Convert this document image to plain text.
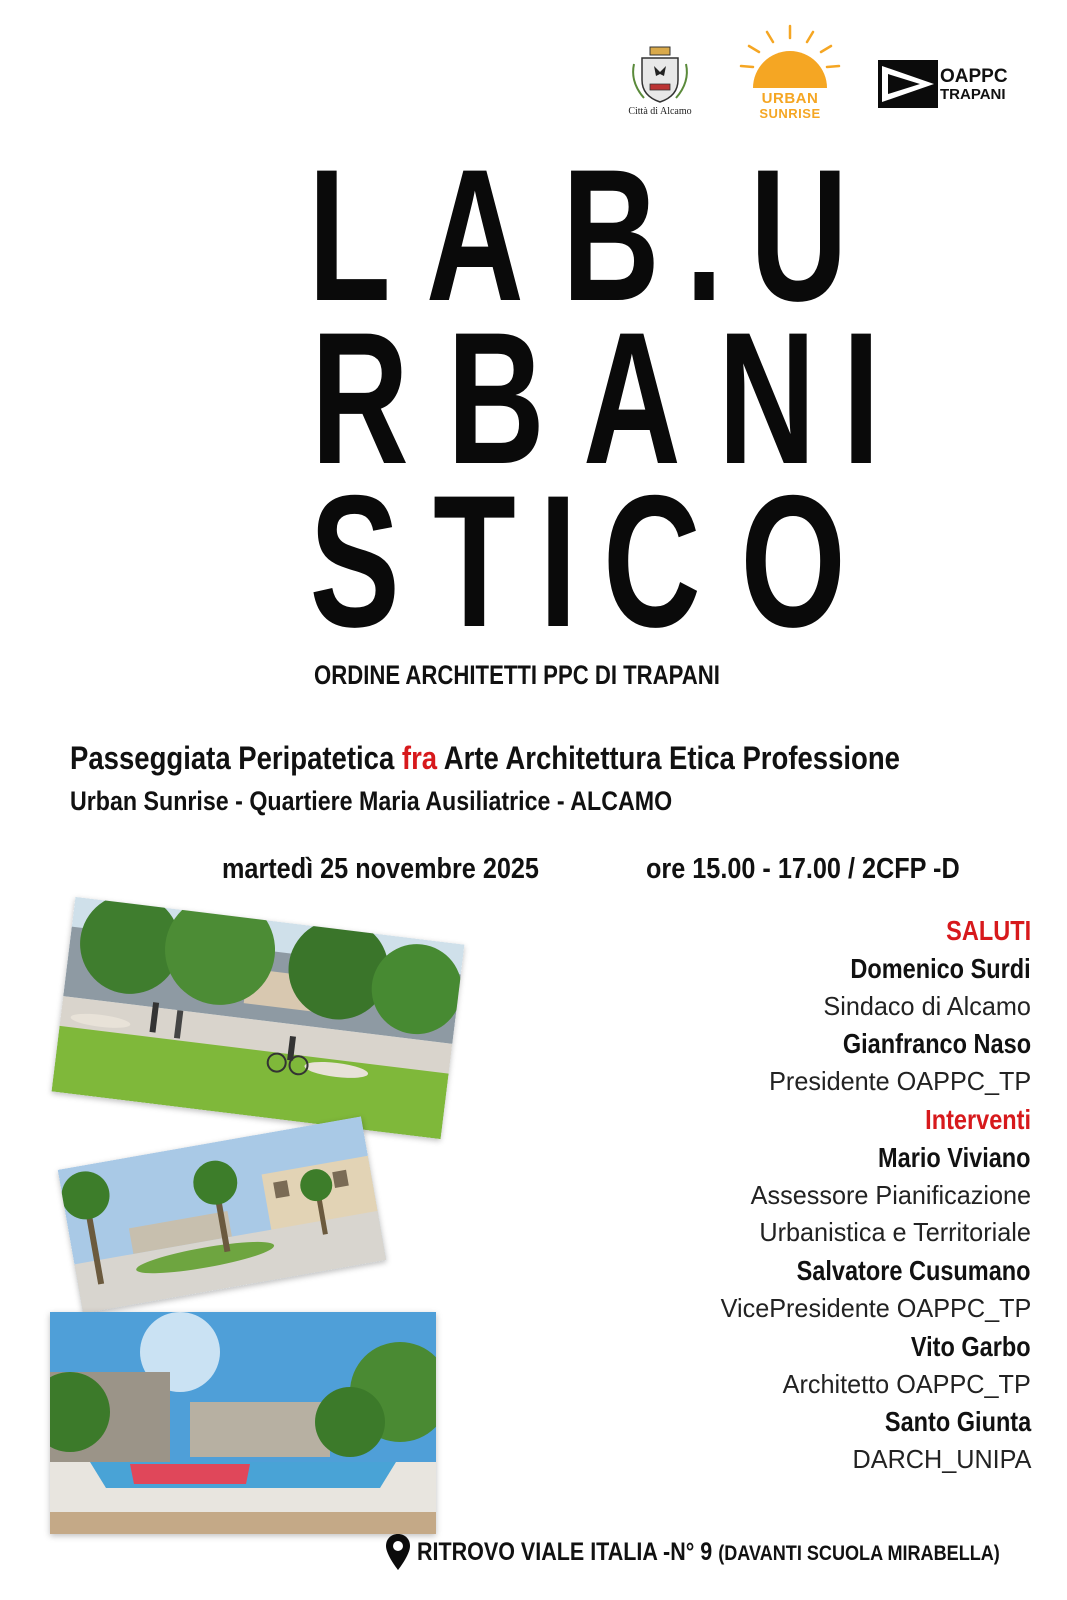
Città di Alcamo
URBAN
SUNRISE
OAPPC
TRAPANI
L A B . U
R B A N I
S T I C O
ORDINE ARCHITETTI PPC DI TRAPANI
Passeggiata Peripatetica fra Arte Architettura Etica Professione
Urban Sunrise - Quartiere Maria Ausiliatrice - ALCAMO
martedì 25 novembre 2025	ore 15.00 - 17.00 / 2CFP -D
SALUTI
Domenico Surdi
Sindaco di Alcamo
Gianfranco Naso
Presidente OAPPC_TP
Interventi
Mario Viviano
Assessore Pianificazione
Urbanistica e Territoriale
Salvatore Cusumano
VicePresidente OAPPC_TP
Vito Garbo
Architetto OAPPC_TP
Santo Giunta
DARCH_UNIPA
RITROVO VIALE ITALIA -N° 9 (DAVANTI SCUOLA MIRABELLA)
